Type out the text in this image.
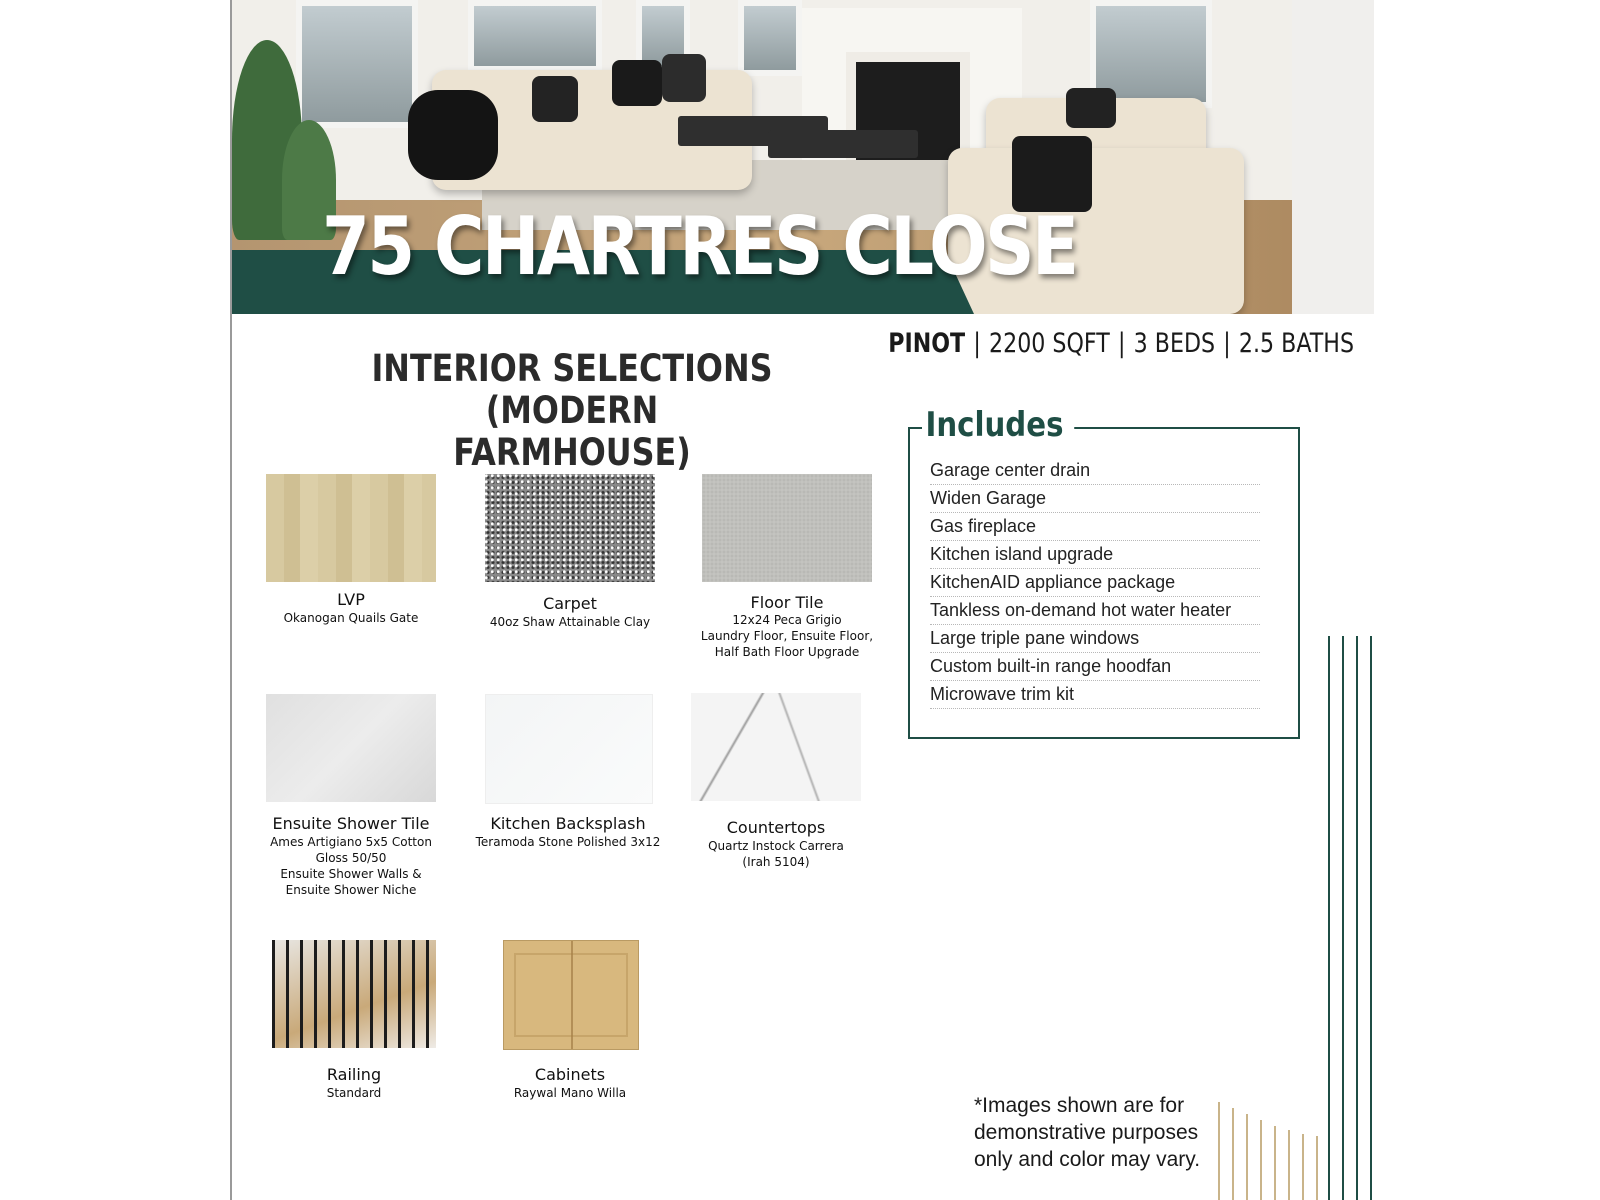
75 CHARTRES CLOSE
PINOT | 2200 SQFT | 3 BEDS | 2.5 BATHS
INTERIOR SELECTIONS
(MODERN FARMHOUSE)
LVP
Okanogan Quails Gate
Carpet
40oz Shaw Attainable Clay
Floor Tile
12x24 Peca Grigio
Laundry Floor, Ensuite Floor,
Half Bath Floor Upgrade
Ensuite Shower Tile
Ames Artigiano 5x5 Cotton
Gloss 50/50
Ensuite Shower Walls &
Ensuite Shower Niche
Kitchen Backsplash
Teramoda Stone Polished 3x12
Countertops
Quartz Instock Carrera
(Irah 5104)
Railing
Standard
Cabinets
Raywal Mano Willa
Includes
Garage center drain
Widen Garage
Gas fireplace
Kitchen island upgrade
KitchenAID appliance package
Tankless on-demand hot water heater
Large triple pane windows
Custom built-in range hoodfan
Microwave trim kit
*Images shown are for
demonstrative purposes
only and color may vary.
